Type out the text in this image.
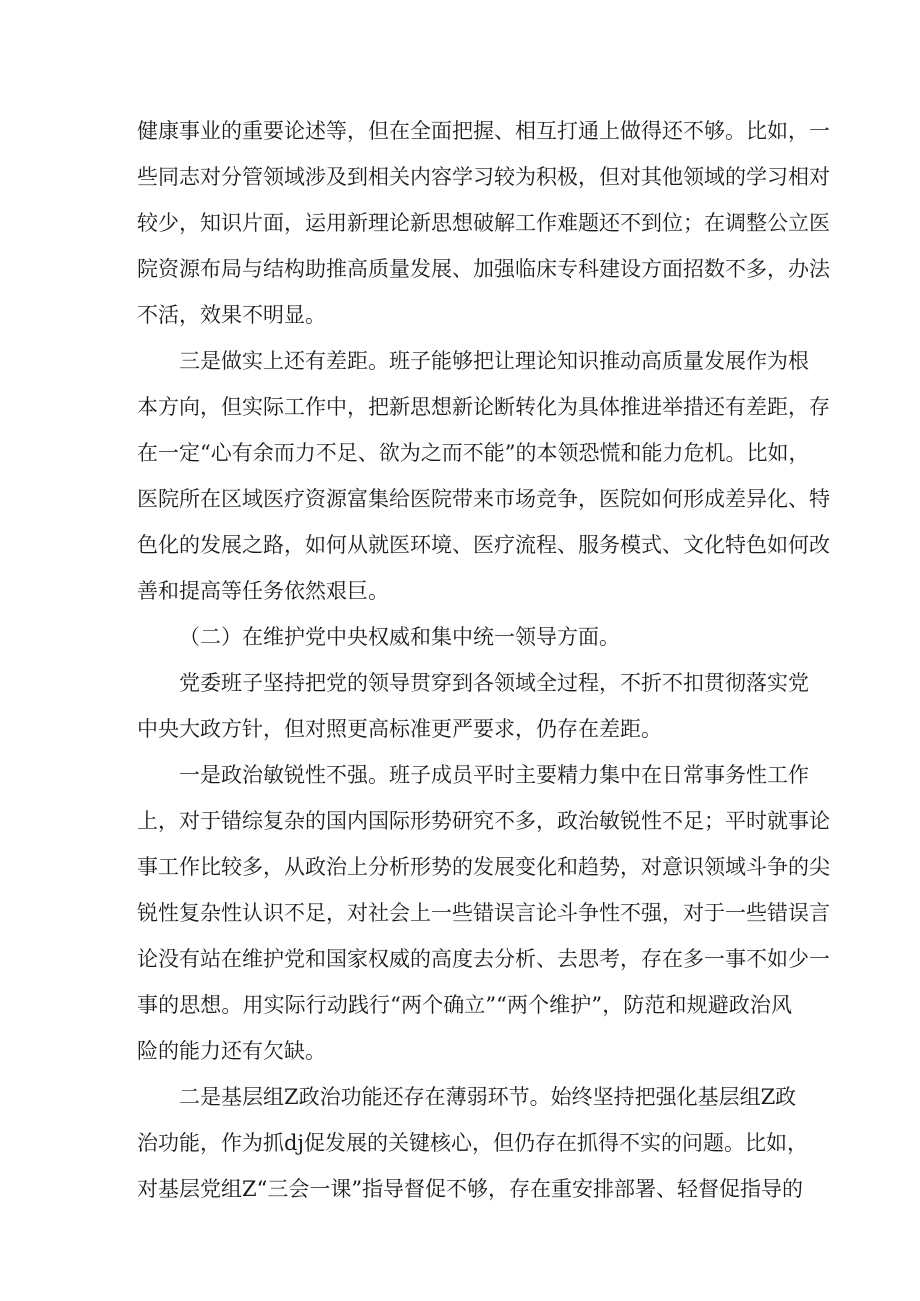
健康事业的重要论述等，但在全面把握、相互打通上做得还不够。比如，一

些同志对分管领域涉及到相关内容学习较为积极，但对其他领域的学习相对

较少，知识片面，运用新理论新思想破解工作难题还不到位；在调整公立医

院资源布局与结构助推高质量发展、加强临床专科建设方面招数不多，办法

不活，效果不明显。

三是做实上还有差距。班子能够把让理论知识推动高质量发展作为根

本方向，但实际工作中，把新思想新论断转化为具体推进举措还有差距，存

在一定“心有余而力不足、欲为之而不能”的本领恐慌和能力危机。比如，

医院所在区域医疗资源富集给医院带来市场竞争，医院如何形成差异化、特

色化的发展之路，如何从就医环境、医疗流程、服务模式、文化特色如何改

善和提高等任务依然艰巨。

（二）在维护党中央权威和集中统一领导方面。

党委班子坚持把党的领导贯穿到各领域全过程，不折不扣贯彻落实党

中央大政方针，但对照更高标准更严要求，仍存在差距。

一是政治敏锐性不强。班子成员平时主要精力集中在日常事务性工作

上，对于错综复杂的国内国际形势研究不多，政治敏锐性不足；平时就事论

事工作比较多，从政治上分析形势的发展变化和趋势，对意识领域斗争的尖

锐性复杂性认识不足，对社会上一些错误言论斗争性不强，对于一些错误言

论没有站在维护党和国家权威的高度去分析、去思考，存在多一事不如少一

事的思想。用实际行动践行“两个确立”“两个维护”，防范和规避政治风

险的能力还有欠缺。

二是基层组Z政治功能还存在薄弱环节。始终坚持把强化基层组Z政

治功能，作为抓dj促发展的关键核心，但仍存在抓得不实的问题。比如，

对基层党组Z“三会一课”指导督促不够，存在重安排部署、轻督促指导的
